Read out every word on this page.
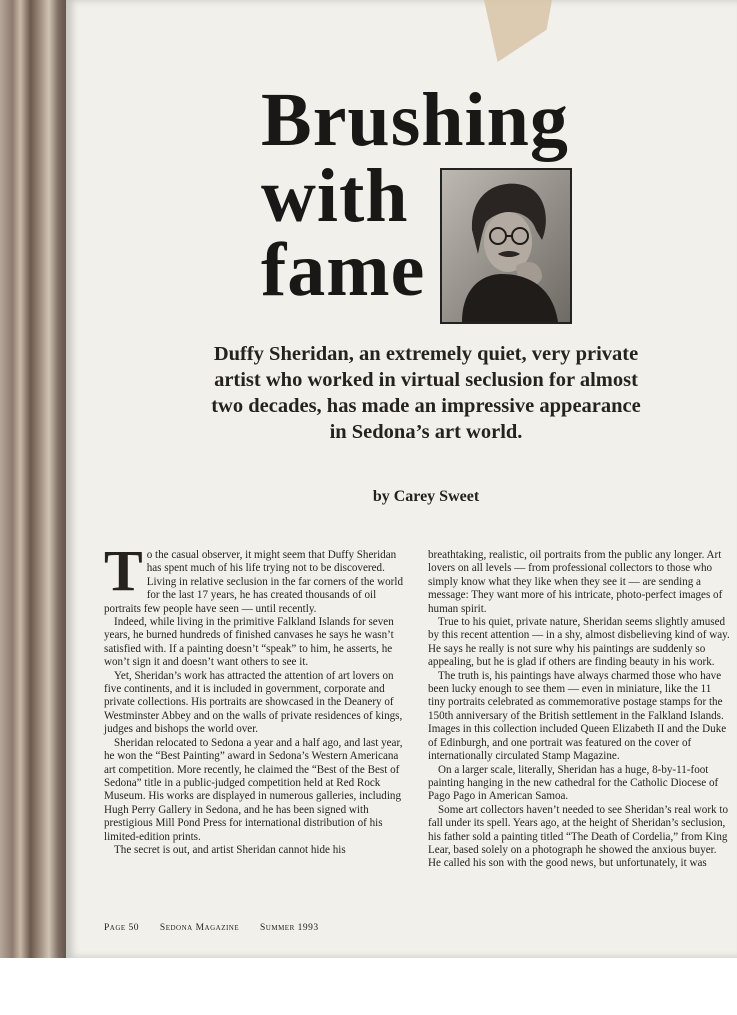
Brushing
with
fame
Duffy Sheridan, an extremely quiet, very private artist who worked in virtual seclusion for almost two decades, has made an impressive appearance in Sedona’s art world.
by Carey Sweet

To the casual observer, it might seem that Duffy Sheridan has spent much of his life trying not to be discovered. Living in relative seclusion in the far corners of the world for the last 17 years, he has created thousands of oil portraits few people have seen — until recently.

Indeed, while living in the primitive Falkland Islands for seven years, he burned hundreds of finished canvases he says he wasn’t satisfied with. If a painting doesn’t “speak” to him, he asserts, he won’t sign it and doesn’t want others to see it.

Yet, Sheridan’s work has attracted the attention of art lovers on five continents, and it is included in government, corporate and private collections. His portraits are showcased in the Deanery of Westminster Abbey and on the walls of private residences of kings, judges and bishops the world over.

Sheridan relocated to Sedona a year and a half ago, and last year, he won the “Best Painting” award in Sedona’s Western Americana art competition. More recently, he claimed the “Best of the Best of Sedona” title in a public-judged competition held at Red Rock Museum. His works are displayed in numerous galleries, including Hugh Perry Gallery in Sedona, and he has been signed with prestigious Mill Pond Press for international distribution of his limited-edition prints.

The secret is out, and artist Sheridan cannot hide his

breathtaking, realistic, oil portraits from the public any longer. Art lovers on all levels — from professional collectors to those who simply know what they like when they see it — are sending a message: They want more of his intricate, photo-perfect images of human spirit.

True to his quiet, private nature, Sheridan seems slightly amused by this recent attention — in a shy, almost disbelieving kind of way. He says he really is not sure why his paintings are suddenly so appealing, but he is glad if others are finding beauty in his work.

The truth is, his paintings have always charmed those who have been lucky enough to see them — even in miniature, like the 11 tiny portraits celebrated as commemorative postage stamps for the 150th anniversary of the British settlement in the Falkland Islands. Images in this collection included Queen Elizabeth II and the Duke of Edinburgh, and one portrait was featured on the cover of internationally circulated Stamp Magazine.

On a larger scale, literally, Sheridan has a huge, 8-by-11-foot painting hanging in the new cathedral for the Catholic Diocese of Pago Pago in American Samoa.

Some art collectors haven’t needed to see Sheridan’s real work to fall under its spell. Years ago, at the height of Sheridan’s seclusion, his father sold a painting titled “The Death of Cordelia,” from King Lear, based solely on a photograph he showed the anxious buyer. He called his son with the good news, but unfortunately, it was

Page 50 Sedona Magazine Summer 1993
